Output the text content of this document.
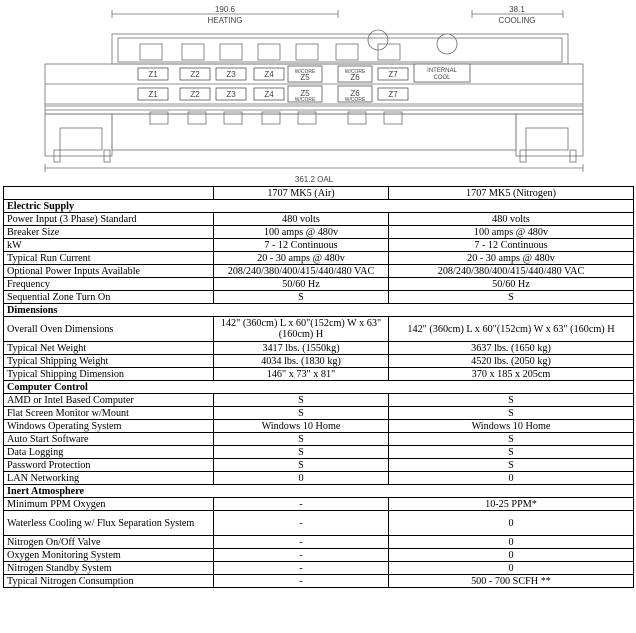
190.6
HEATING
38.1
COOLING
361.2 OAL
Z1	Z2	Z3	Z4	W/CORE
Z5
W/CORE
Z6	Z7	INTERNAL
COOL
Z1	Z2	Z3	Z4	Z5
W/CORE
Z6
W/CORE
Z7
	1707 MK5 (Air)	1707 MK5 (Nitrogen)
Electric Supply		
Power Input (3 Phase) Standard	480 volts	480 volts
Breaker Size	100 amps @ 480v	100 amps @ 480v
kW	7 - 12 Continuous	7 - 12 Continuous
Typical Run Current	20 - 30 amps @ 480v	20 - 30 amps @ 480v
Optional Power Inputs Available	208/240/380/400/415/440/480 VAC	208/240/380/400/415/440/480 VAC
Frequency	50/60 Hz	50/60 Hz
Sequential Zone Turn On	S	S
Dimensions		
Overall Oven Dimensions	142" (360cm) L x 60"(152cm) W x 63" (160cm) H	142" (360cm) L x 60"(152cm) W x 63" (160cm) H
Typical Net Weight	3417 lbs. (1550kg)	3637 lbs. (1650 kg)
Typical Shipping Weight	4034 lbs. (1830 kg)	4520 lbs. (2050 kg)
Typical Shipping Dimension	146" x 73" x 81"	370 x 185 x 205cm
Computer Control		
AMD or Intel Based Computer	S	S
Flat Screen Monitor w/Mount	S	S
Windows Operating System	Windows 10 Home	Windows 10 Home
Auto Start Software	S	S
Data Logging	S	S
Password Protection	S	S
LAN Networking	0	0
Inert Atmosphere		
Minimum PPM Oxygen	-	10-25 PPM*
Waterless Cooling w/ Flux Separation System	-	0
Nitrogen On/Off Valve	-	0
Oxygen Monitoring System	-	0
Nitrogen Standby System	-	0
Typical Nitrogen Consumption	-	500 - 700 SCFH **
